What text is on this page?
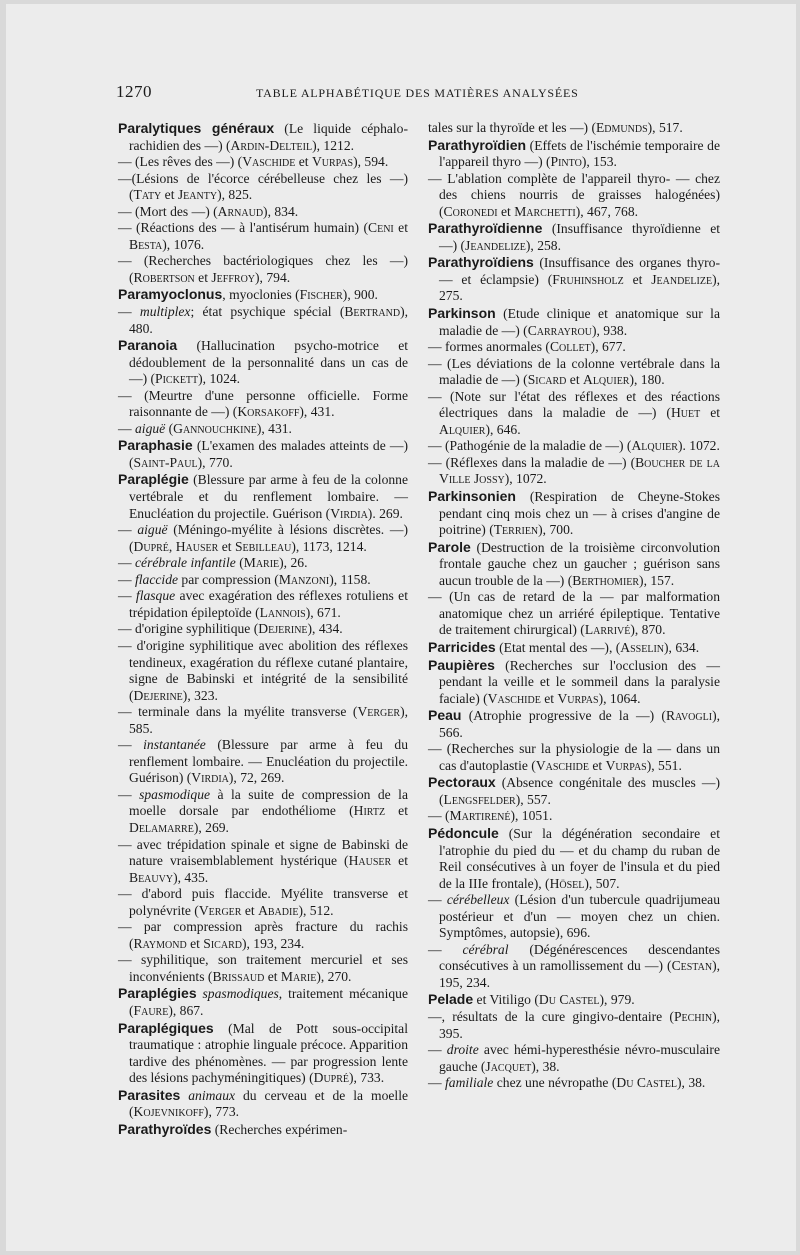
1270	TABLE ALPHABÉTIQUE DES MATIÈRES ANALYSÉES

Paralytiques généraux (Le liquide céphalo-rachidien des —) (Ardin-Delteil), 1212.

— (Les rêves des —) (Vaschide et Vurpas), 594.

—(Lésions de l'écorce cérébelleuse chez les —) (Taty et Jeanty), 825.

— (Mort des —) (Arnaud), 834.

— (Réactions des — à l'antisérum humain) (Ceni et Besta), 1076.

— (Recherches bactériologiques chez les —) (Robertson et Jeffroy), 794.

Paramyoclonus, myoclonies (Fischer), 900.

— multiplex; état psychique spécial (Bertrand), 480.

Paranoia (Hallucination psycho-motrice et dédoublement de la personnalité dans un cas de —) (Pickett), 1024.

— (Meurtre d'une personne officielle. Forme raisonnante de —) (Korsakoff), 431.

— aiguë (Gannouchkine), 431.

Paraphasie (L'examen des malades atteints de —) (Saint-Paul), 770.

Paraplégie (Blessure par arme à feu de la colonne vertébrale et du renflement lombaire. — Enucléation du projectile. Guérison (Virdia). 269.

— aiguë (Méningo-myélite à lésions discrètes. —) (Dupré, Hauser et Sebilleau), 1173, 1214.

— cérébrale infantile (Marie), 26.

— flaccide par compression (Manzoni), 1158.

— flasque avec exagération des réflexes rotuliens et trépidation épileptoïde (Lannois), 671.

— d'origine syphilitique (Dejerine), 434.

— d'origine syphilitique avec abolition des réflexes tendineux, exagération du réflexe cutané plantaire, signe de Babinski et intégrité de la sensibilité (Dejerine), 323.

— terminale dans la myélite transverse (Verger), 585.

— instantanée (Blessure par arme à feu du renflement lombaire. — Enucléation du projectile. Guérison) (Virdia), 72, 269.

— spasmodique à la suite de compression de la moelle dorsale par endothéliome (Hirtz et Delamarre), 269.

— avec trépidation spinale et signe de Babinski de nature vraisemblablement hystérique (Hauser et Beauvy), 435.

— d'abord puis flaccide. Myélite transverse et polynévrite (Verger et Abadie), 512.

— par compression après fracture du rachis (Raymond et Sicard), 193, 234.

— syphilitique, son traitement mercuriel et ses inconvénients (Brissaud et Marie), 270.

Paraplégies spasmodiques, traitement mécanique (Faure), 867.

Paraplégiques (Mal de Pott sous-occipital traumatique : atrophie linguale précoce. Apparition tardive des phénomènes. — par progression lente des lésions pachyméningitiques) (Dupré), 733.

Parasites animaux du cerveau et de la moelle (Kojevnikoff), 773.

Parathyroïdes (Recherches expérimen-

tales sur la thyroïde et les —) (Edmunds), 517.

Parathyroïdien (Effets de l'ischémie temporaire de l'appareil thyro —) (Pinto), 153.

— L'ablation complète de l'appareil thyro- — chez des chiens nourris de graisses halogénées) (Coronedi et Marchetti), 467, 768.

Parathyroïdienne (Insuffisance thyroïdienne et —) (Jeandelize), 258.

Parathyroïdiens (Insuffisance des organes thyro- — et éclampsie) (Fruhinsholz et Jeandelize), 275.

Parkinson (Etude clinique et anatomique sur la maladie de —) (Carrayrou), 938.

— formes anormales (Collet), 677.

— (Les déviations de la colonne vertébrale dans la maladie de —) (Sicard et Alquier), 180.

— (Note sur l'état des réflexes et des réactions électriques dans la maladie de —) (Huet et Alquier), 646.

— (Pathogénie de la maladie de —) (Alquier). 1072.

— (Réflexes dans la maladie de —) (Boucher de la Ville Jossy), 1072.

Parkinsonien (Respiration de Cheyne-Stokes pendant cinq mois chez un — à crises d'angine de poitrine) (Terrien), 700.

Parole (Destruction de la troisième circonvolution frontale gauche chez un gaucher ; guérison sans aucun trouble de la —) (Berthomier), 157.

— (Un cas de retard de la — par malformation anatomique chez un arriéré épileptique. Tentative de traitement chirurgical) (Larrivé), 870.

Parricides (Etat mental des —), (Asselin), 634.

Paupières (Recherches sur l'occlusion des — pendant la veille et le sommeil dans la paralysie faciale) (Vaschide et Vurpas), 1064.

Peau (Atrophie progressive de la —) (Ravogli), 566.

— (Recherches sur la physiologie de la — dans un cas d'autoplastie (Vaschide et Vurpas), 551.

Pectoraux (Absence congénitale des muscles —) (Lengsfelder), 557.

— (Martirené), 1051.

Pédoncule (Sur la dégénération secondaire et l'atrophie du pied du — et du champ du ruban de Reil consécutives à un foyer de l'insula et du pied de la IIIe frontale), (Hösel), 507.

— cérébelleux (Lésion d'un tubercule quadrijumeau postérieur et d'un — moyen chez un chien. Symptômes, autopsie), 696.

— cérébral (Dégénérescences descendantes consécutives à un ramollissement du —) (Cestan), 195, 234.

Pelade et Vitiligo (Du Castel), 979.

—, résultats de la cure gingivo-dentaire (Pechin), 395.

— droite avec hémi-hyperesthésie névro-musculaire gauche (Jacquet), 38.

— familiale chez une névropathe (Du Castel), 38.
